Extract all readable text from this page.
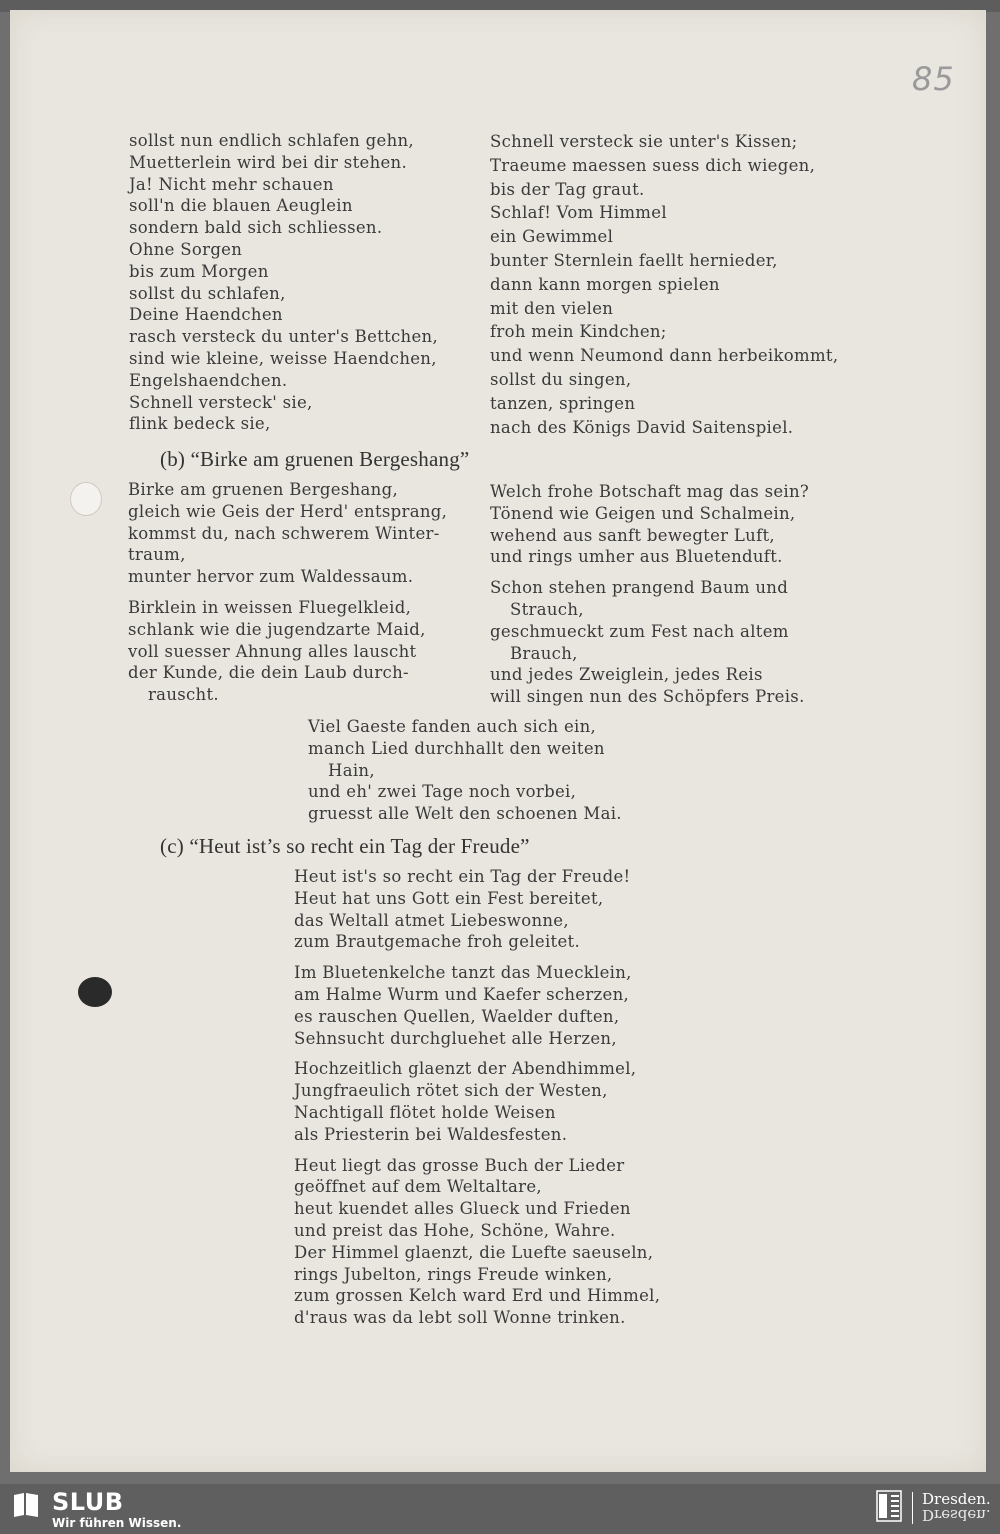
85
sollst nun endlich schlafen gehn,
Muetterlein wird bei dir stehen.
Ja! Nicht mehr schauen
soll'n die blauen Aeuglein
sondern bald sich schliessen.
Ohne Sorgen
bis zum Morgen
sollst du schlafen,
Deine Haendchen
rasch versteck du unter's Bettchen,
sind wie kleine, weisse Haendchen,
Engelshaendchen.
Schnell versteck' sie,
flink bedeck sie,
Schnell versteck sie unter's Kissen;
Traeume maessen suess dich wiegen,
bis der Tag graut.
Schlaf! Vom Himmel
ein Gewimmel
bunter Sternlein faellt hernieder,
dann kann morgen spielen
mit den vielen
froh mein Kindchen;
und wenn Neumond dann herbeikommt,
sollst du singen,
tanzen, springen
nach des Königs David Saitenspiel.
(b) “Birke am gruenen Bergeshang”
Birke am gruenen Bergeshang,
gleich wie Geis der Herd' entsprang,
kommst du, nach schwerem Winter-
traum,
munter hervor zum Waldessaum.
Birklein in weissen Fluegelkleid,
schlank wie die jugendzarte Maid,
voll suesser Ahnung alles lauscht
der Kunde, die dein Laub durch-
rauscht.
Welch frohe Botschaft mag das sein?
Tönend wie Geigen und Schalmein,
wehend aus sanft bewegter Luft,
und rings umher aus Bluetenduft.
Schon stehen prangend Baum und
Strauch,
geschmueckt zum Fest nach altem
Brauch,
und jedes Zweiglein, jedes Reis
will singen nun des Schöpfers Preis.
Viel Gaeste fanden auch sich ein,
manch Lied durchhallt den weiten
Hain,
und eh' zwei Tage noch vorbei,
gruesst alle Welt den schoenen Mai.
(c) “Heut ist’s so recht ein Tag der Freude”
Heut ist's so recht ein Tag der Freude!
Heut hat uns Gott ein Fest bereitet,
das Weltall atmet Liebeswonne,
zum Brautgemache froh geleitet.
Im Bluetenkelche tanzt das Muecklein,
am Halme Wurm und Kaefer scherzen,
es rauschen Quellen, Waelder duften,
Sehnsucht durchgluehet alle Herzen,
Hochzeitlich glaenzt der Abendhimmel,
Jungfraeulich rötet sich der Westen,
Nachtigall flötet holde Weisen
als Priesterin bei Waldesfesten.
Heut liegt das grosse Buch der Lieder
geöffnet auf dem Weltaltare,
heut kuendet alles Glueck und Frieden
und preist das Hohe, Schöne, Wahre.
Der Himmel glaenzt, die Luefte saeuseln,
rings Jubelton, rings Freude winken,
zum grossen Kelch ward Erd und Himmel,
d'raus was da lebt soll Wonne trinken.
SLUB
Wir führen Wissen.
Dresden.
Dresden.
